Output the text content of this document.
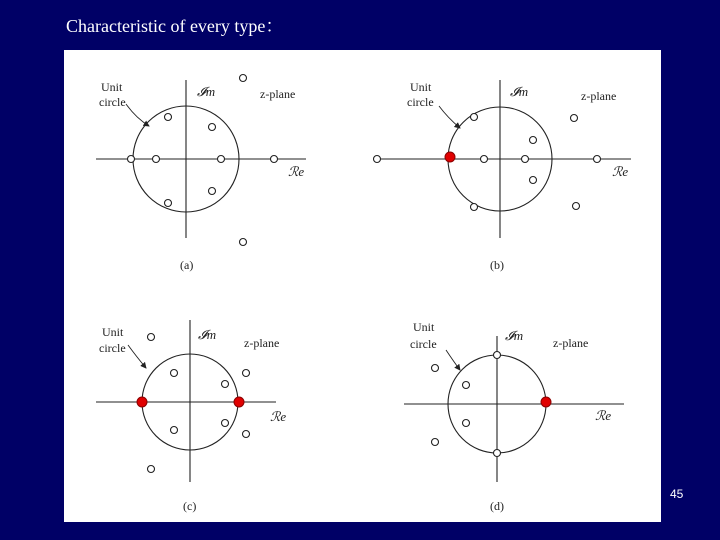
Characteristic of every type：
Unit
circle
𝓘m	z-plane
ℛe
(a)
Unit
circle
𝓘m	z-plane
ℛe
(b)
Unit
circle
𝓘m
z-plane
ℛe
(c)
Unit
circle
𝓘m z-plane
ℛe
(d)
45
